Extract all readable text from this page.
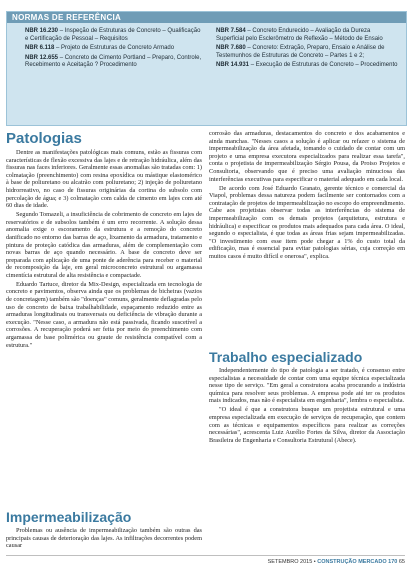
NORMAS DE REFERÊNCIA
NBR 16.230 – Inspeção de Estruturas de Concreto – Qualificação e Certificação de Pessoal – Requisitos
NBR 6.118 – Projeto de Estruturas de Concreto Armado
NBR 12.655 – Concreto de Cimento Portland – Preparo, Controle, Recebimento e Aceitação ? Procedimento
NBR 7.584 – Concreto Endurecido – Avaliação da Dureza Superficial pelo Esclerômetro de Reflexão – Método de Ensaio
NBR 7.680 – Concreto: Extração, Preparo, Ensaio e Análise de Testemunhos de Estruturas de Concreto – Partes 1 e 2;
NBR 14.931 – Execução de Estruturas de Concreto – Procedimento
Patologias

Dentre as manifestações patológicas mais comuns, estão as fissuras com características de flexão excessiva das lajes e de retração hidráulica, além das fissuras nas faces inferiores. Geralmente essas anomalias são tratadas com: 1) colmatação (preenchimento) com resina epoxídica ou mástique elastomérico à base de poliuretano ou alcatrão com poliuretano; 2) injeção de poliuretano hidrorreativo, no caso de fissuras originárias da cortina do subsolo com percolação de água; e 3) colmatação com calda de cimento em lajes com até 60 dias de idade.

Segundo Tomazeli, a insuficiência de cobrimento de concreto em lajes de reservatórios e de subsolos também é um erro recorrente. A solução dessa anomalia exige o escoramento da estrutura e a remoção do concreto danificado no entorno das barras de aço, lixamento da armadura, tratamento e pintura de proteção catódica das armaduras, além de complementação com novas barras de aço quando necessário. A base de concreto deve ser preparada com aplicação de uma ponte de aderência para receber o material de recomposição da laje, em geral microconcreto estrutural ou argamassa cimentícia estrutural de alta resistência e compactade.

Eduardo Tartuce, diretor da Mix-Design, especializada em tecnologia de concreto e pavimentos, observa ainda que os problemas de bicheiras (vazios de concretagem) também são "doenças" comuns, geralmente deflagradas pelo uso de concreto de baixa trabalhabilidade, espaçamento reduzido entre as armaduras longitudinais ou transversais ou deficiência de vibração durante a execução. "Nesse caso, a armadura não está passivada, ficando suscetível a corrosões. A recuperação poderá ser feita por meio do preenchimento com argamassa de base polimérica ou graute de resistência compatível com a estrutura."

Impermeabilização

Problemas ou ausência de impermeabilização também são outras das principais causas de deterioração das lajes. As infiltrações decorrentes podem causar

corrosão das armaduras, destacamentos do concreto e dos acabamentos e ainda manchas. "Nesses casos a solução é aplicar ou refazer o sistema de impermeabilização da área afetada, tomando o cuidado de contar com um projeto e uma empresa executora especializados para realizar essa tarefa", conta o projetista de impermeabilização Sérgio Pousa, da Proiso Projetos e Consultoria, observando que é preciso uma avaliação minuciosa das interferências executivas para especificar o material adequado em cada local.

De acordo com José Eduardo Granato, gerente técnico e comercial da Viapol, problemas dessa natureza podem facilmente ser contornados com a contratação de projetos de impermeabilização no escopo do empreendimento. Cabe aos projetistas observar todas as interferências do sistema de impermeabilização com os demais projetos (arquitetura, estrutura e hidráulica) e especificar os produtos mais adequados para cada área. O ideal, segundo o especialista, é que todas as áreas frias sejam impermeabilizadas. "O investimento com esse item pode chegar a 1% do custo total da edificação, mas é essencial para evitar patologias sérias, cuja correção em muitos casos é muito difícil e onerosa", explica.

Trabalho especializado

Independentemente do tipo de patologia a ser tratado, é consenso entre especialistas a necessidade de contar com uma equipe técnica especializada nesse tipo de serviço. "Em geral a construtora acaba procurando a indústria química para resolver seus problemas. A empresa pode até ter os produtos mais indicados, mas não é especialista em engenharia", lembra o especialista.

"O ideal é que a construtora busque um projetista estrutural e uma empresa especializada em execução de serviços de recuperação, que contem com as técnicas e equipamentos específicos para realizar as correções necessárias", acrescenta Luiz Aurélio Fortes da Silva, diretor da Associação Brasileira de Engenharia e Consultoria Estrutural (Abece).

SETEMBRO 2015 • CONSTRUÇÃO MERCADO 170 65
